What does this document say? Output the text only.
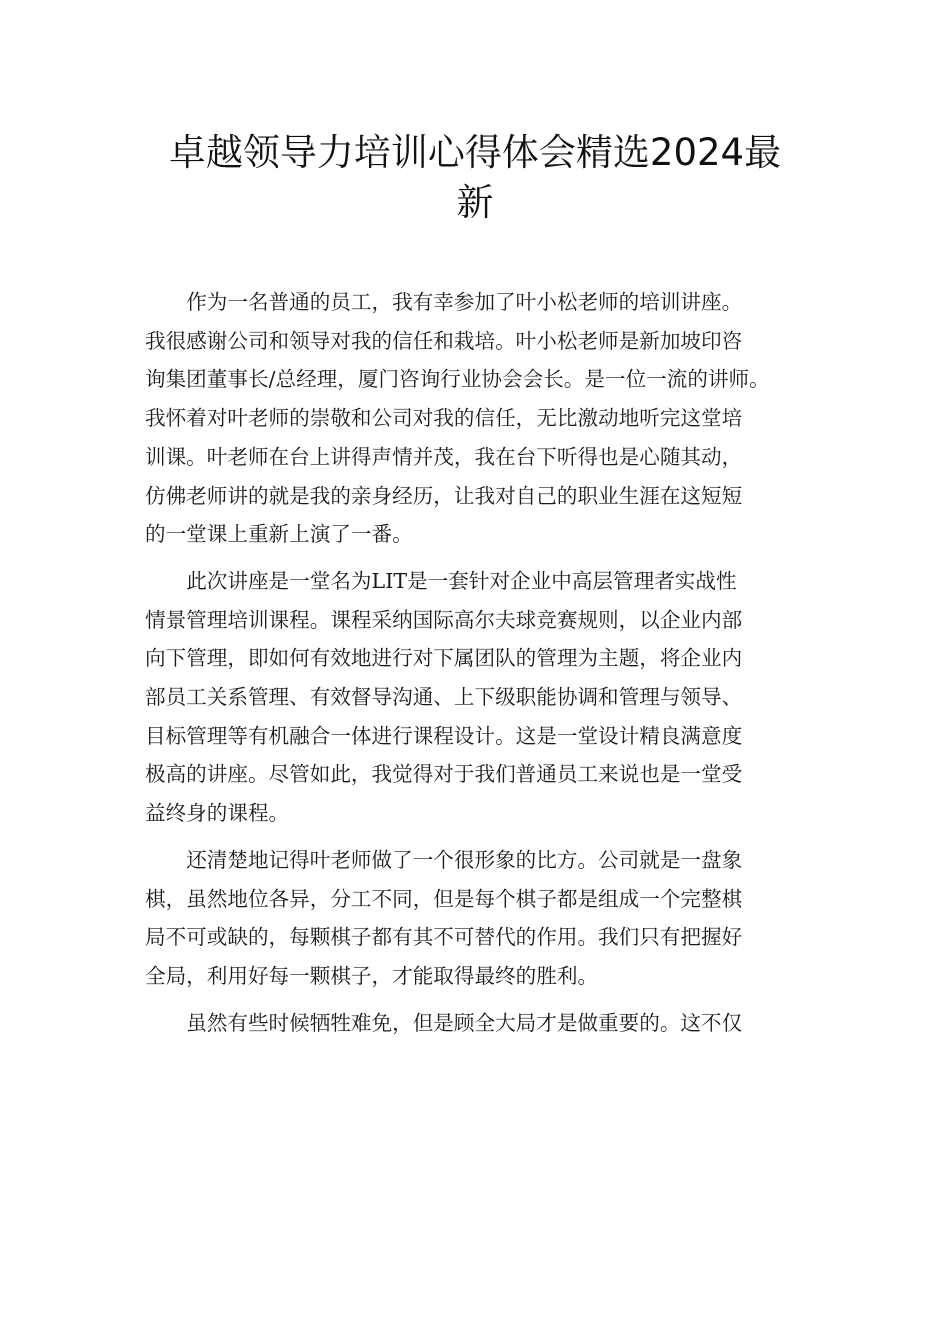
卓越领导力培训心得体会精选2024最
新

作为一名普通的员工，我有幸参加了叶小松老师的培训讲座。
我很感谢公司和领导对我的信任和栽培。叶小松老师是新加坡印咨
询集团董事长/总经理，厦门咨询行业协会会长。是一位一流的讲师。
我怀着对叶老师的崇敬和公司对我的信任，无比激动地听完这堂培
训课。叶老师在台上讲得声情并茂，我在台下听得也是心随其动，
仿佛老师讲的就是我的亲身经历，让我对自己的职业生涯在这短短
的一堂课上重新上演了一番。

此次讲座是一堂名为LIT是一套针对企业中高层管理者实战性
情景管理培训课程。课程采纳国际高尔夫球竞赛规则，以企业内部
向下管理，即如何有效地进行对下属团队的管理为主题，将企业内
部员工关系管理、有效督导沟通、上下级职能协调和管理与领导、
目标管理等有机融合一体进行课程设计。这是一堂设计精良满意度
极高的讲座。尽管如此，我觉得对于我们普通员工来说也是一堂受
益终身的课程。

还清楚地记得叶老师做了一个很形象的比方。公司就是一盘象
棋，虽然地位各异，分工不同，但是每个棋子都是组成一个完整棋
局不可或缺的，每颗棋子都有其不可替代的作用。我们只有把握好
全局，利用好每一颗棋子，才能取得最终的胜利。

虽然有些时候牺牲难免，但是顾全大局才是做重要的。这不仅
